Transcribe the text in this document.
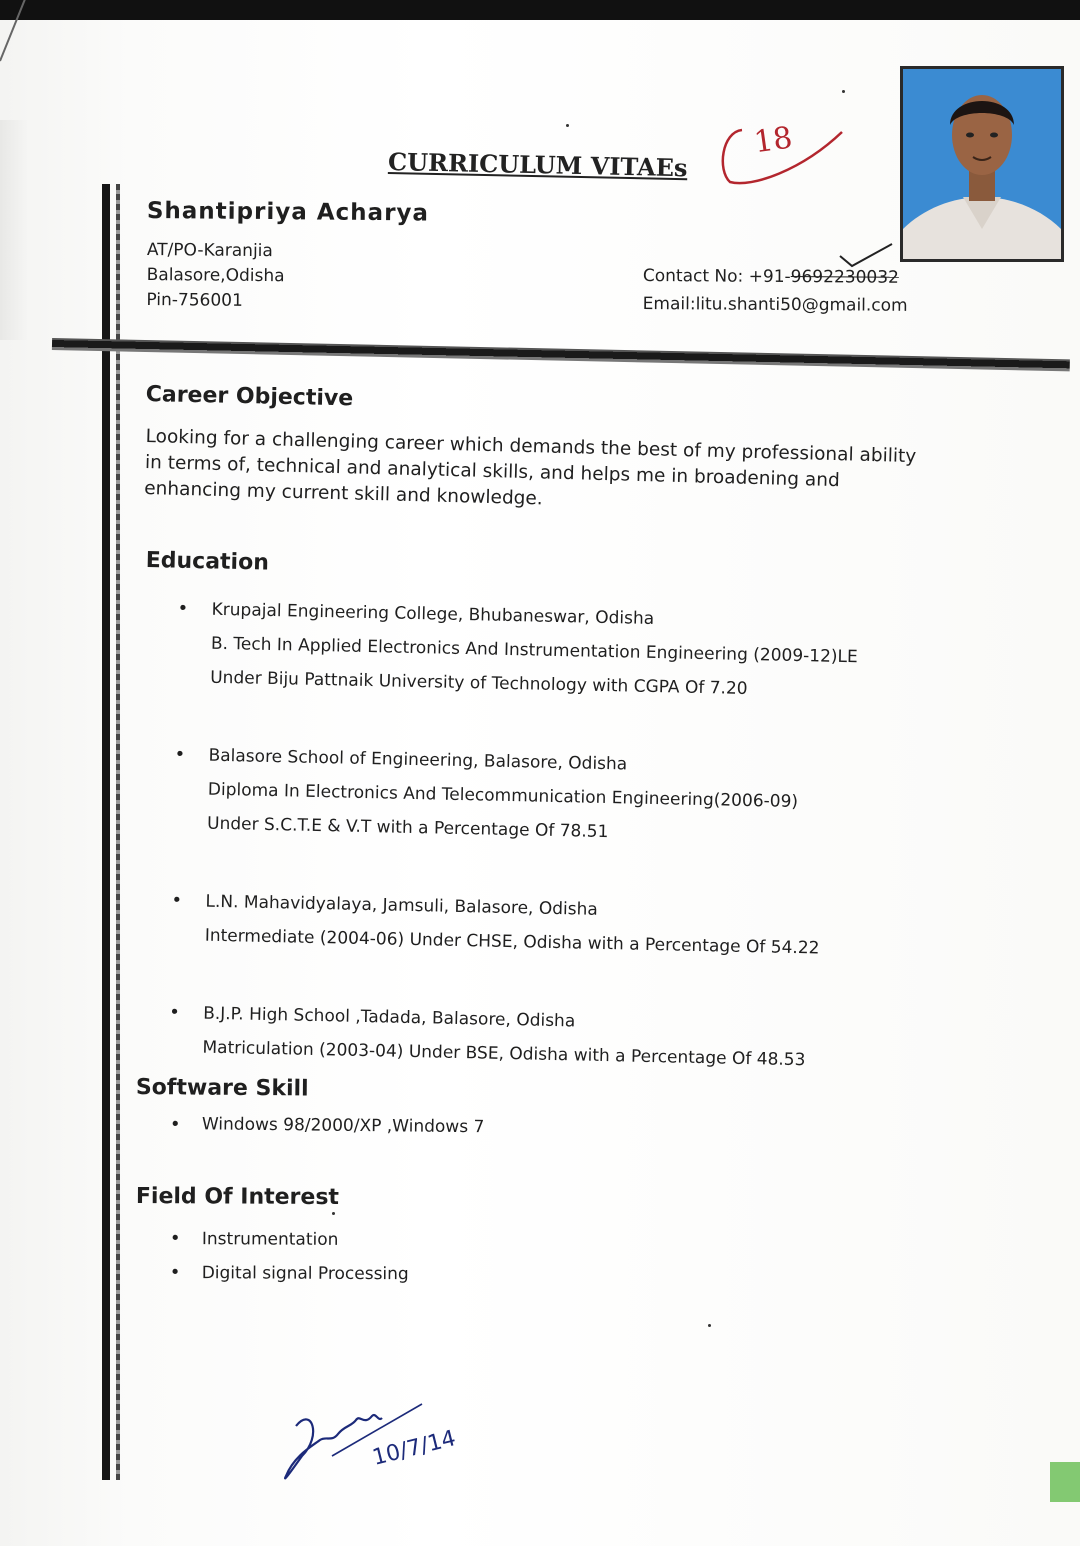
CURRICULUM VITAEs
18
Shantipriya Acharya
AT/PO-Karanjia
Balasore,Odisha
Pin-756001
Contact No: +91-9692230032
Email:litu.shanti50@gmail.com
Career Objective
Looking for a challenging career which demands the best of my professional ability in terms of, technical and analytical skills, and helps me in broadening and enhancing my current skill and knowledge.
Education
• Krupajal Engineering College, Bhubaneswar, Odisha
B. Tech In Applied Electronics And Instrumentation Engineering (2009-12)LE
Under Biju Pattnaik University of Technology with CGPA Of 7.20
• Balasore School of Engineering, Balasore, Odisha
Diploma In Electronics And Telecommunication Engineering(2006-09)
Under S.C.T.E & V.T with a Percentage Of 78.51
• L.N. Mahavidyalaya, Jamsuli, Balasore, Odisha
Intermediate (2004-06) Under CHSE, Odisha with a Percentage Of 54.22
• B.J.P. High School ,Tadada, Balasore, Odisha
Matriculation (2003-04) Under BSE, Odisha with a Percentage Of 48.53
Software Skill
• Windows 98/2000/XP ,Windows 7
Field Of Interest
• Instrumentation
• Digital signal Processing
10/7/14
